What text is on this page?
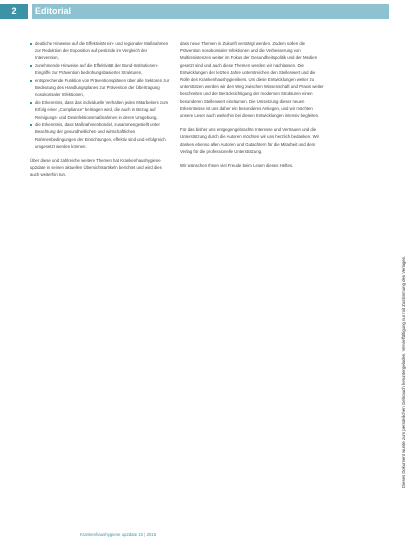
2	Editorial
deutliche Hinweise auf die Effektivität ein- und regionaler Maßnahmen zur Reduktion der Exposition auf pestizide im Vergleich der Intervention,
zunehmende Hinweise auf die Effektivität der Bund-Institutionen-Eingriffe zur Prävention bedrohungsbasierter Strukturen,
entsprechende Funktion von Präventionsplänen über alle Sektoren zur Bedeutung des Handlungsplanes zur Prävention der Übertragung nosokomialer Infektionen,
die Erkenntnis, dass das individuelle Verhalten jedes Mitarbeiters zum Erfolg einer „Compliance“ beitragen wird, die auch in Bezug auf Reinigungs- und Desinfektionsmaßnahmen in deren Umgebung,
die Erkenntnis, dass Maßnahmenbündel, zusammengestellt unter Beachtung der gesundheitlichen und wirtschaftlichen Rahmenbedingungen der Einrichtungen, effektiv sind und erfolgreich umgesetzt werden können.

Über diese und zahlreiche weitere Themen hat Krankenhaushygiene up2date in seinen aktuellen Übersichtsartikeln berichtet und wird dies auch weiterhin tun.

dass neue Themen in Zukunft verstärgt werden. Zudem sollen die Prävention nosokomialer Infektionen und die Verbesserung von Multiresistenzen weiter im Fokus der Gesundheitspolitik und der Medien gesetzt sind und auch diese Themen werden wir nachlassen. Die Entwicklungen der letzten Jahre unterstreichen den Stellenwert und die Rolle des Krankenhaushygienikers. Um diese Entwicklungen weiter zu unterstützen werden wir den Weg zwischen Wissenschaft und Praxis weiter beschreiten und der Berücksichtigung der modernen Strukturen einen besonderen Stellenwert einräumen. Die Umsetzung dieser neuen Erkenntnisse ist uns daher ein besonderes Anliegen, und wir möchten unsere Leser auch weiterhin bei diesen Entwicklungen intensiv begleiten.

Für das bisher uns entgegengebrachte Interesse und Vertrauen und die Unterstützung durch die Autoren möchten wir uns herzlich bedanken. Wir danken ebenso allen Autoren und Gutachtern für die Mitarbeit und dem Verlag für die professionelle Unterstützung.

Wir wünschen Ihnen viel Freude beim Lesen dieses Heftes.

Krankenhaushygiene up2date 10 | 2015
Dieses Dokument wurde zum persönlichen Gebrauch heruntergeladen. Vervielfältigung nur mit Zustimmung des Verlages.
